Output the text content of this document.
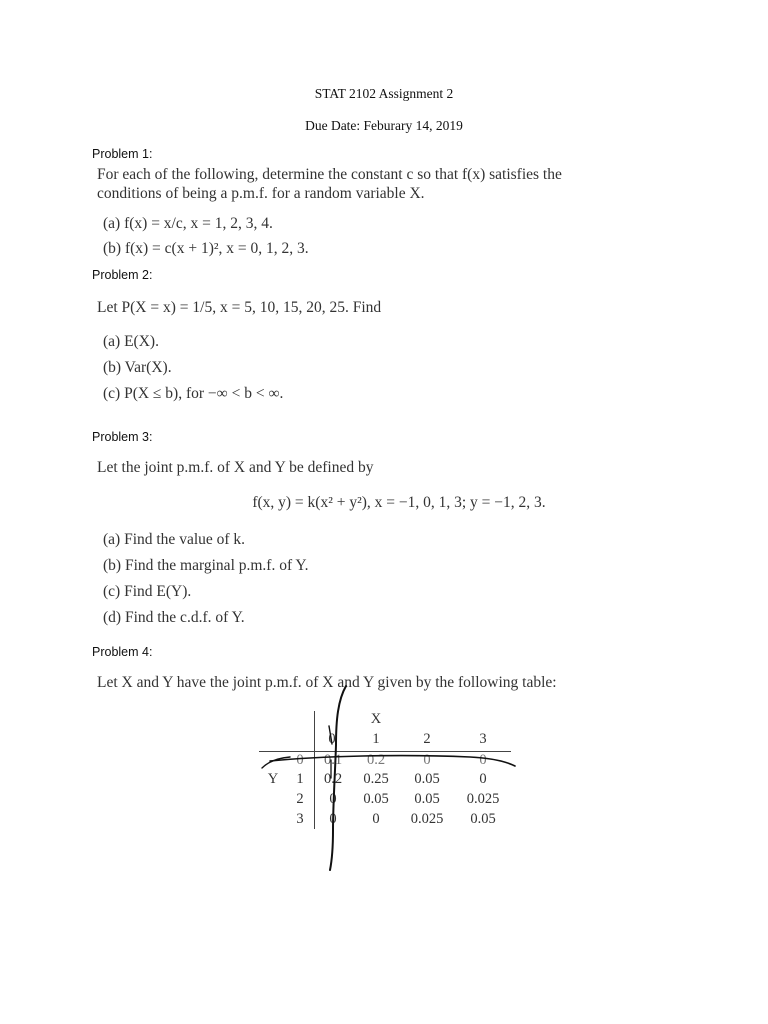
STAT 2102 Assignment 2
Due Date: Feburary 14, 2019
Problem 1:
For each of the following, determine the constant c so that f(x) satisfies the
conditions of being a p.m.f. for a random variable X.
(a) f(x) = x/c, x = 1, 2, 3, 4.
(b) f(x) = c(x + 1)², x = 0, 1, 2, 3.
Problem 2:
Let P(X = x) = 1/5, x = 5, 10, 15, 20, 25. Find
(a) E(X).
(b) Var(X).
(c) P(X ≤ b), for −∞ < b < ∞.
Problem 3:
Let the joint p.m.f. of X and Y be defined by
f(x, y) = k(x² + y²), x = −1, 0, 1, 3; y = −1, 2, 3.
(a) Find the value of k.
(b) Find the marginal p.m.f. of Y.
(c) Find E(Y).
(d) Find the c.d.f. of Y.
Problem 4:
Let X and Y have the joint p.m.f. of X and Y given by the following table:
X
0	1	2	3
Y
0 0.1	0.2	0	0
1 0.2	0.25	0.05	0
2	0	0.05	0.05	0.025
3	0	0	0.025	0.05
